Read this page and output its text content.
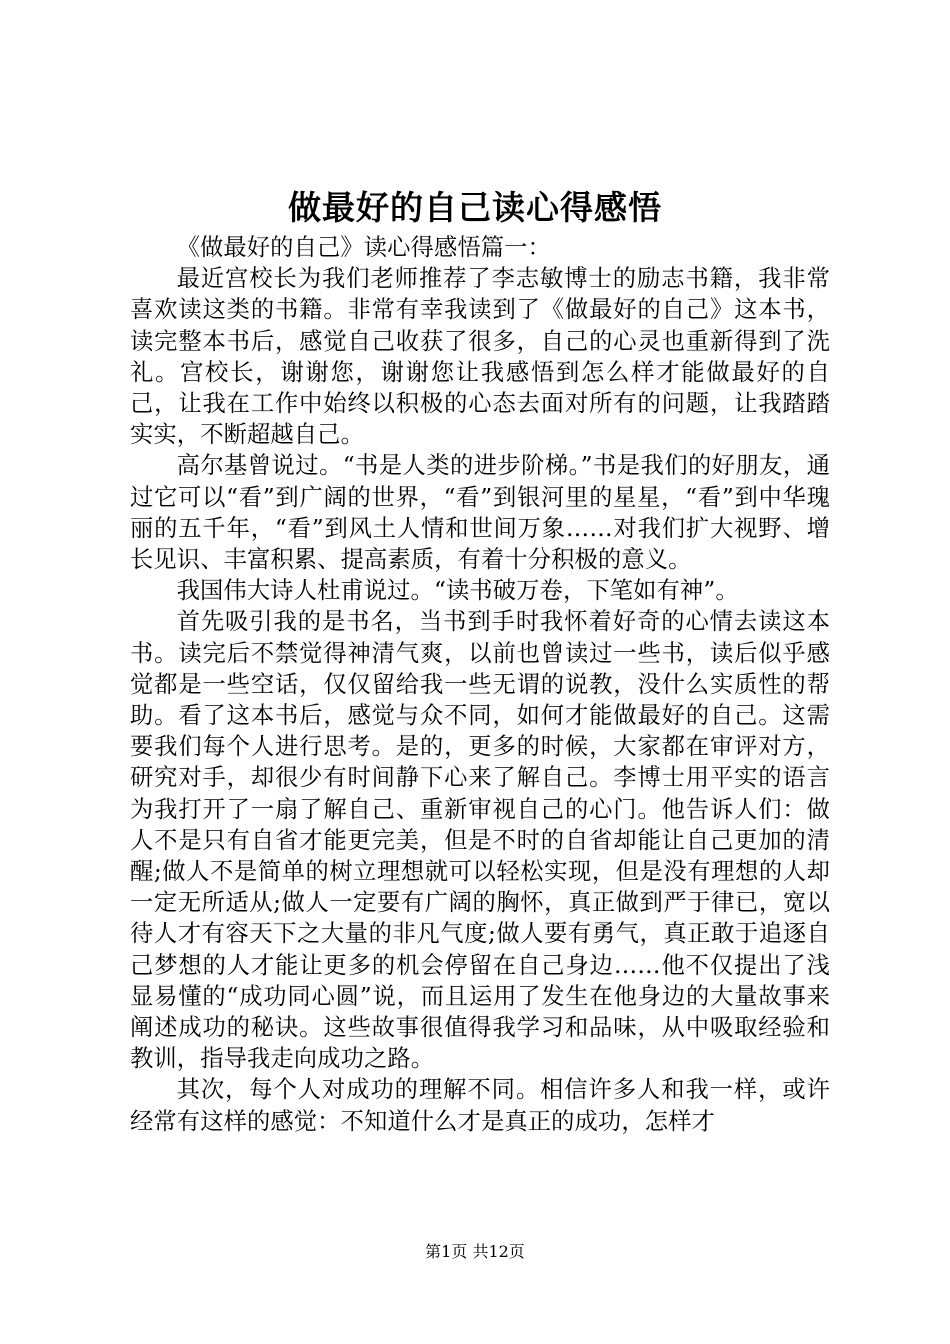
做最好的自己读心得感悟

《做最好的自己》读心得感悟篇一：

最近宫校长为我们老师推荐了李志敏博士的励志书籍，我非常喜欢读这类的书籍。非常有幸我读到了《做最好的自己》这本书，读完整本书后，感觉自己收获了很多，自己的心灵也重新得到了洗礼。宫校长，谢谢您，谢谢您让我感悟到怎么样才能做最好的自己，让我在工作中始终以积极的心态去面对所有的问题，让我踏踏实实，不断超越自己。

高尔基曾说过。“书是人类的进步阶梯。”书是我们的好朋友，通过它可以“看”到广阔的世界，“看”到银河里的星星，“看”到中华瑰丽的五千年，“看”到风土人情和世间万象……对我们扩大视野、增长见识、丰富积累、提高素质，有着十分积极的意义。

我国伟大诗人杜甫说过。“读书破万卷，下笔如有神”。

首先吸引我的是书名，当书到手时我怀着好奇的心情去读这本书。读完后不禁觉得神清气爽，以前也曾读过一些书，读后似乎感觉都是一些空话，仅仅留给我一些无谓的说教，没什么实质性的帮助。看了这本书后，感觉与众不同，如何才能做最好的自己。这需要我们每个人进行思考。是的，更多的时候，大家都在审评对方，研究对手，却很少有时间静下心来了解自己。李博士用平实的语言为我打开了一扇了解自己、重新审视自己的心门。他告诉人们：做人不是只有自省才能更完美，但是不时的自省却能让自己更加的清醒;做人不是简单的树立理想就可以轻松实现，但是没有理想的人却一定无所适从;做人一定要有广阔的胸怀，真正做到严于律已，宽以待人才有容天下之大量的非凡气度;做人要有勇气，真正敢于追逐自己梦想的人才能让更多的机会停留在自己身边……他不仅提出了浅显易懂的“成功同心圆”说，而且运用了发生在他身边的大量故事来阐述成功的秘诀。这些故事很值得我学习和品味，从中吸取经验和教训，指导我走向成功之路。

其次，每个人对成功的理解不同。相信许多人和我一样，或许经常有这样的感觉：不知道什么才是真正的成功，怎样才

第1页 共12页
